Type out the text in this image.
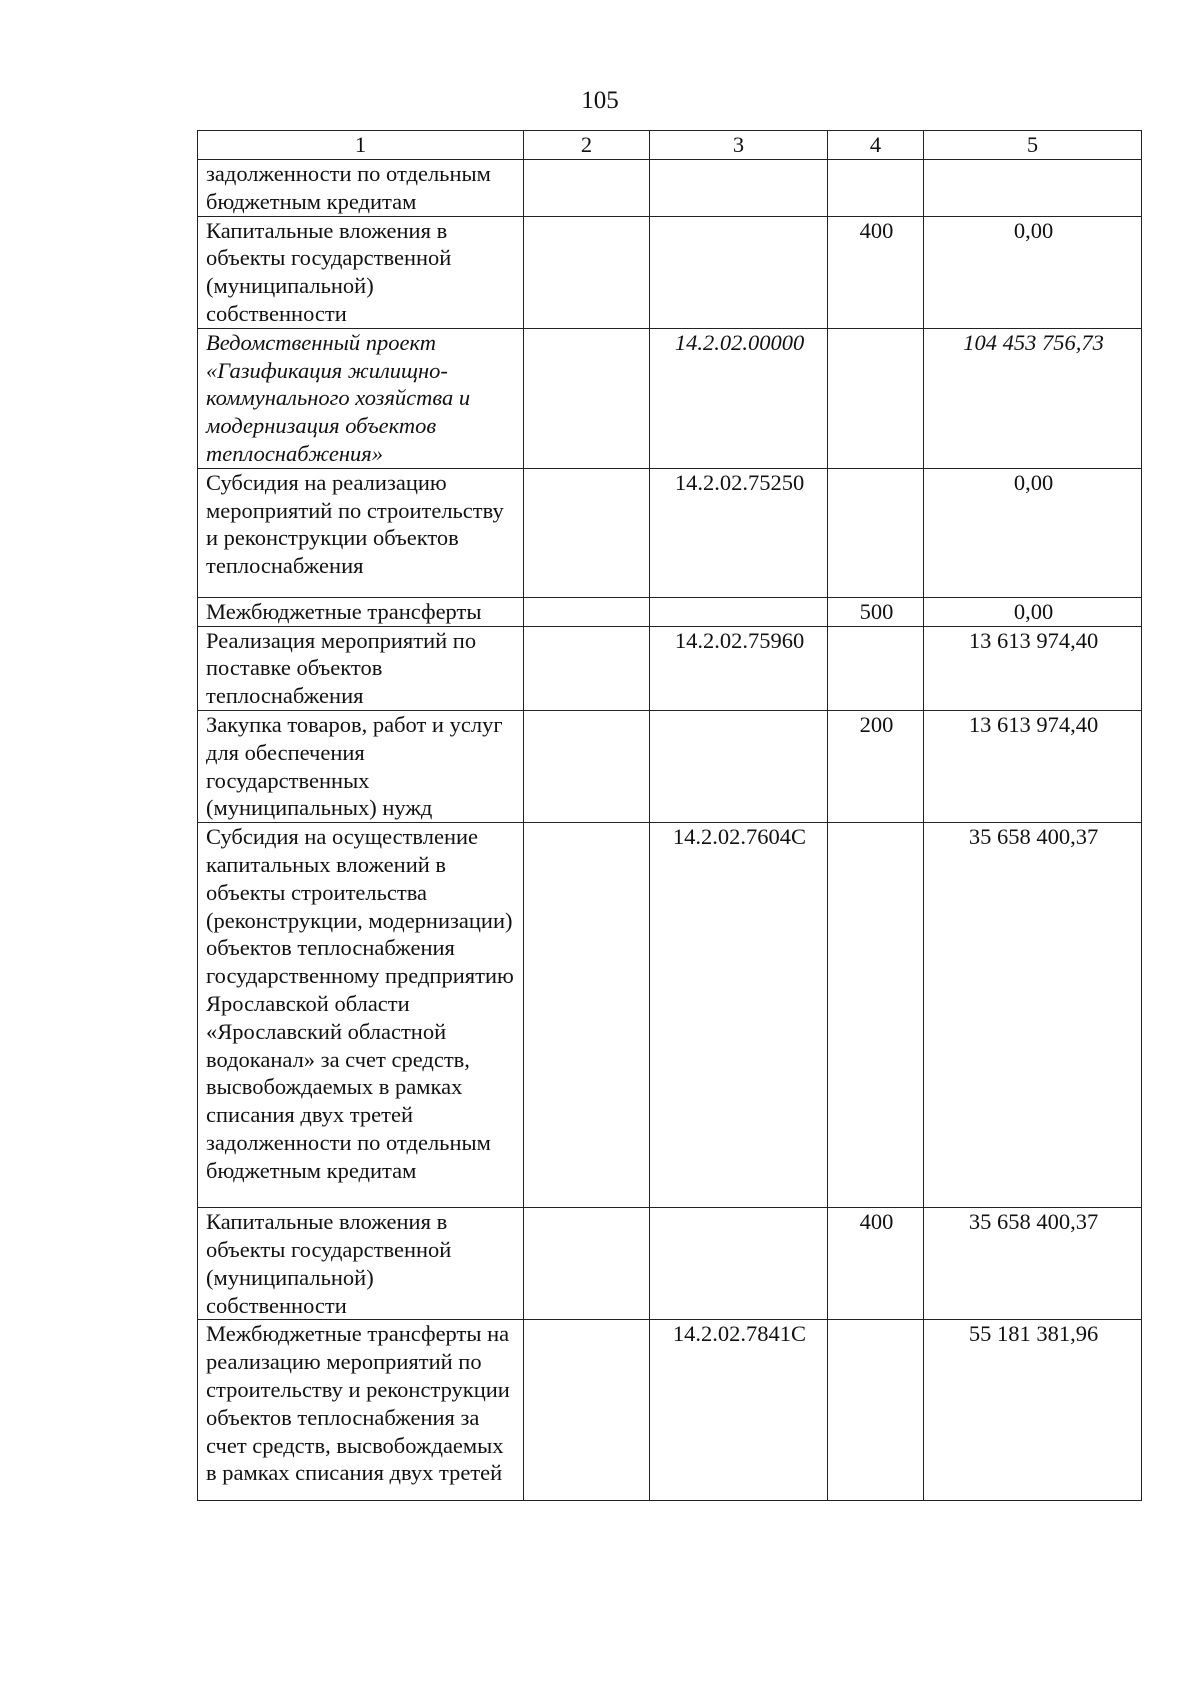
105
1	2	3	4	5
задолженности по отдельным бюджетным кредитам				
Капитальные вложения в объекты государственной (муниципальной) собственности			400	0,00
Ведомственный проект «Газификация жилищно-коммунального хозяйства и модернизация объектов теплоснабжения»		14.2.02.00000		104 453 756,73
Субсидия на реализацию мероприятий по строительству и реконструкции объектов теплоснабжения		14.2.02.75250		0,00
Межбюджетные трансферты			500	0,00
Реализация мероприятий по поставке объектов теплоснабжения		14.2.02.75960		13 613 974,40
Закупка товаров, работ и услуг для обеспечения государственных (муниципальных) нужд			200	13 613 974,40
Субсидия на осуществление капитальных вложений в объекты строительства (реконструкции, модернизации) объектов теплоснабжения государственному предприятию Ярославской области «Ярославский областной водоканал» за счет средств, высвобождаемых в рамках списания двух третей задолженности по отдельным бюджетным кредитам		14.2.02.7604С		35 658 400,37
Капитальные вложения в объекты государственной (муниципальной) собственности			400	35 658 400,37
Межбюджетные трансферты на реализацию мероприятий по строительству и реконструкции объектов теплоснабжения за счет средств, высвобождаемых в рамках списания двух третей		14.2.02.7841С		55 181 381,96
